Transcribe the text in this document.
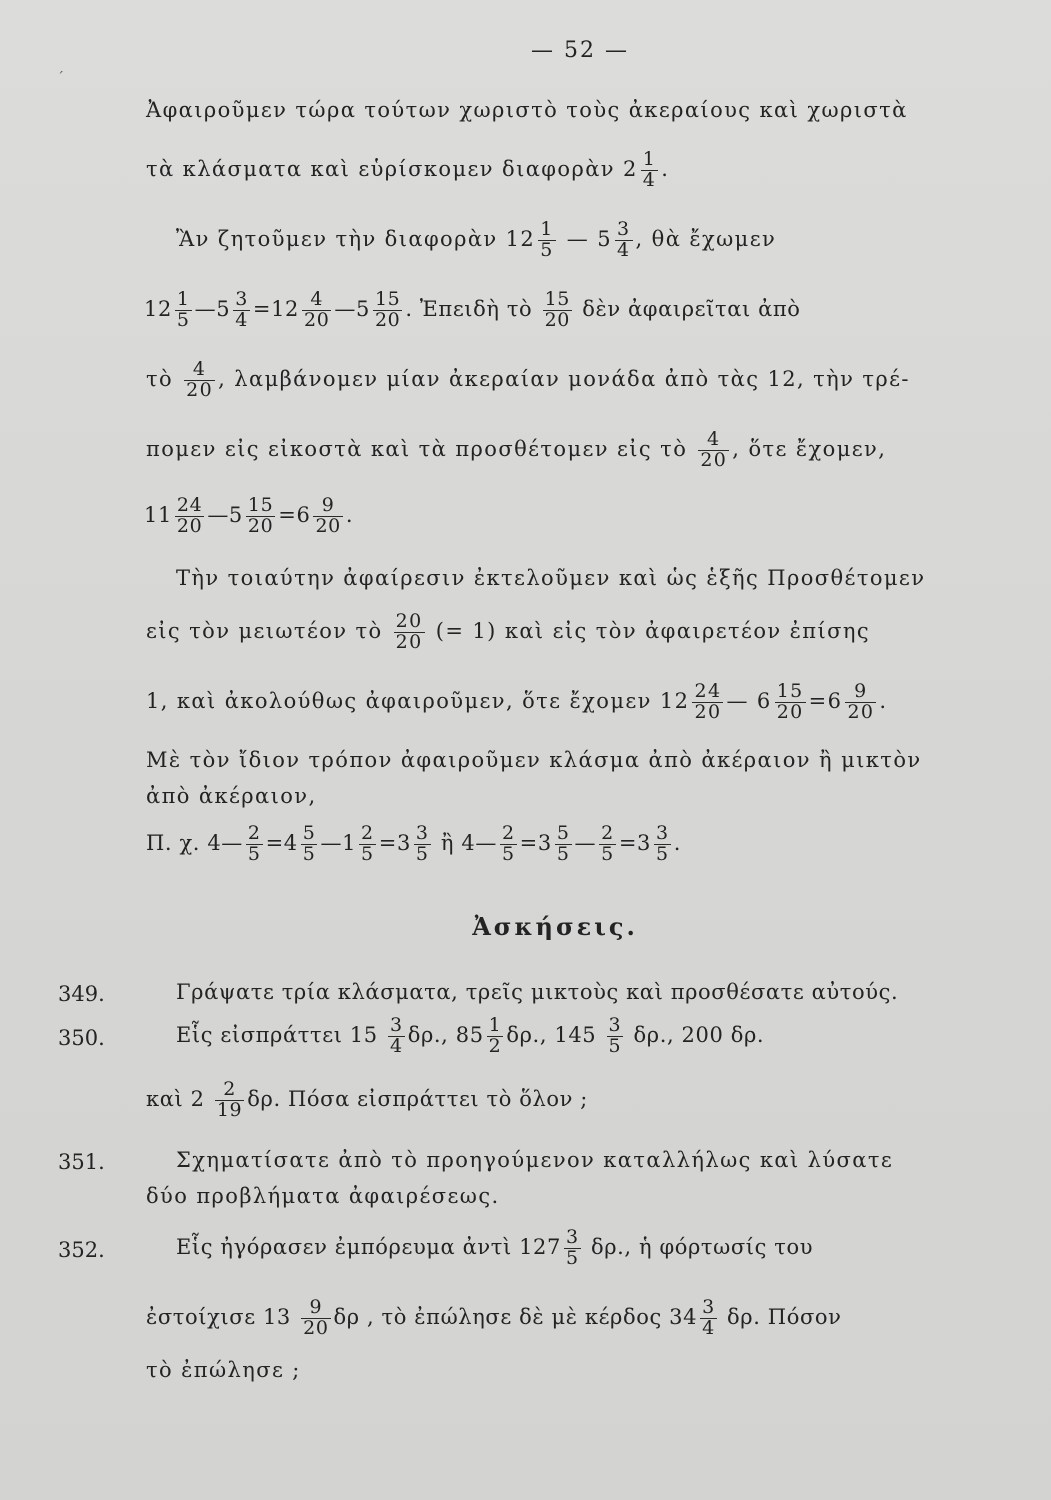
— 52 —
Ἀφαιροῦμεν τώρα τούτων χωριστὸ τοὺς ἀκεραίους καὶ χωριστὰ
τὰ κλάσματα καὶ εὑρίσκομεν διαφορὰν $2 \frac{1}{4}$ .
Ἂν ζητοῦμεν τὴν διαφορὰν $12 \frac{1}{5}$ — $5 \frac{3}{4}$ , θὰ ἔχωμεν
$12 \frac{1}{5}$ —5 $\frac{3}{4} =12 \frac{4}{20}$ —5 $\frac{15}{20}$ . Ἐπειδὴ τὸ $\frac{15}{20}$ δὲν ἀφαιρεῖται ἀπὸ
τὸ $\frac{4}{20}$ , λαμβάνομεν μίαν ἀκεραίαν μονάδα ἀπὸ τὰς 12, τὴν τρέ-
πομεν εἰς εἰκοστὰ καὶ τὰ προσθέτομεν εἰς τὸ $\frac{4}{20}$ , ὅτε ἔχομεν,
$11 \frac{24}{20}$ —5 $\frac{15}{20} =6 \frac{9}{20}$ .
Τὴν τοιαύτην ἀφαίρεσιν ἐκτελοῦμεν καὶ ὡς ἑξῆς Προσθέτομεν
εἰς τὸν μειωτέον τὸ $\frac{20}{20}$ (= 1) καὶ εἰς τὸν ἀφαιρετέον ἐπίσης
1, καὶ ἀκολούθως ἀφαιροῦμεν, ὅτε ἔχομεν $12 \frac{24}{20}$ — $6 \frac{15}{20} =6 \frac{9}{20}$ .
Μὲ τὸν ἴδιον τρόπον ἀφαιροῦμεν κλάσμα ἀπὸ ἀκέραιον ἢ μικτὸν
ἀπὸ ἀκέραιον,
Π. χ. 4— $\frac{2}{5} =4 \frac{5}{5}$ —1 $\frac{2}{5} =3 \frac{3}{5}$ ἢ 4— $\frac{2}{5} =3 \frac{5}{5}$ — $\frac{2}{5} =3 \frac{3}{5}$ .
Ἀσκήσεις.
349.	Γράψατε τρία κλάσματα, τρεῖς μικτοὺς καὶ προσθέσατε αὐτούς.
350.	Εἷς εἰσπράττει $15 \frac{3}{4} \delta\rho$., $85 \frac{1}{2} \delta\rho$., $145 \frac{3}{5} \delta\rho$., 200 δρ.
καὶ $2 \frac{2}{19} \delta\rho$. Πόσα εἰσπράττει τὸ ὅλον ;
351.	Σχηματίσατε ἀπὸ τὸ προηγούμενον καταλλήλως καὶ λύσατε
δύο προβλήματα ἀφαιρέσεως.
352.	Εἷς ἠγόρασεν ἐμπόρευμα ἀντὶ $127 \frac{3}{5} \delta\rho$., ἡ φόρτωσίς του
ἐστοίχισε $13 \frac{9}{20}$ δρ , τὸ ἐπώλησε δὲ μὲ κέρδος $34 \frac{3}{4} \delta\rho$. Πόσον
τὸ ἐπώλησε ;
